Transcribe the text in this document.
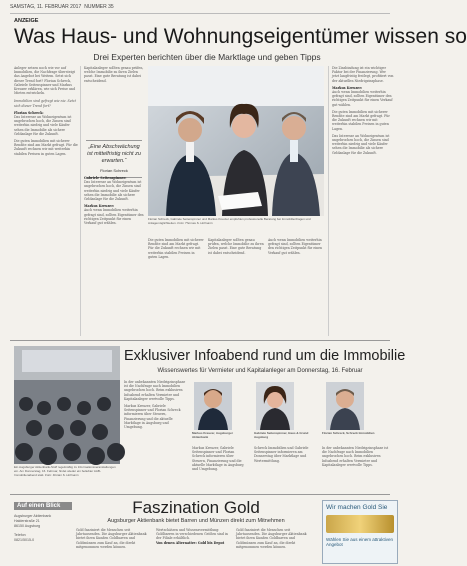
SAMSTAG, 11. FEBRUAR 2017 NUMMER 35
ANZEIGE
Was Haus- und Wohnungseigentümer wissen so
Drei Experten berichten über die Marktlage und geben Tipps
Anleger setzen noch wie vor auf Immobilien, die Nachfrage übersteigt das Angebot bei Weitem. Setzt sich dieser Trend fort? Florian Schreck, Gabriele Seitenspinner und Markus Kreuzer erklären, wie sich Preise und Mieten entwickeln.
Immobilien sind gefragt wie nie. Setzt sich dieser Trend fort?
Florian Schreck:
Das Interesse an Wohneigentum ist ungebrochen hoch, die Zinsen sind weiterhin niedrig und viele Käufer sehen die Immobilie als sichere Geldanlage für die Zukunft.
Die guten Immobilien mit sicherer Rendite sind am Markt gefragt. Für die Zukunft rechnen wir mit weiterhin stabilen Preisen in guten Lagen.
Kapitalanleger sollten genau prüfen, welche Immobilie zu ihren Zielen passt. Eine gute Beratung ist dabei entscheidend.
„Eine Abschwächung ist mittelfristig nicht zu erwarten.“
Florian Schreck
Gabriele Seitenspinner:
Das Interesse an Wohneigentum ist ungebrochen hoch, die Zinsen sind weiterhin niedrig und viele Käufer sehen die Immobilie als sichere Geldanlage für die Zukunft.
Markus Kreuzer:
Auch wenn Immobilien weiterhin gefragt sind, sollten Eigentümer den richtigen Zeitpunkt für einen Verkauf gut wählen.
Florian Schreck, Gabriele Seitenspinner und Markus Kreuzer empfehlen professionelle Beratung bei Immobilienfragen und Anlagemöglichkeiten. Foto: Thomas S. Hofmann
Die guten Immobilien mit sicherer Rendite sind am Markt gefragt. Für die Zukunft rechnen wir mit weiterhin stabilen Preisen in guten Lagen.
Kapitalanleger sollten genau prüfen, welche Immobilie zu ihren Zielen passt. Eine gute Beratung ist dabei entscheidend.
Auch wenn Immobilien weiterhin gefragt sind, sollten Eigentümer den richtigen Zeitpunkt für einen Verkauf gut wählen.
Die Zinsbindung ist ein wichtiger Faktor bei der Finanzierung. Wer jetzt langfristig festlegt, profitiert von der aktuellen Niedrigzinsphase.
Markus Kreuzer:
Auch wenn Immobilien weiterhin gefragt sind, sollten Eigentümer den richtigen Zeitpunkt für einen Verkauf gut wählen.
Die guten Immobilien mit sicherer Rendite sind am Markt gefragt. Für die Zukunft rechnen wir mit weiterhin stabilen Preisen in guten Lagen.
Das Interesse an Wohneigentum ist ungebrochen hoch, die Zinsen sind weiterhin niedrig und viele Käufer sehen die Immobilie als sichere Geldanlage für die Zukunft.
Ein Augsburger Aktienbank-Stoff regelmäßig zu Informationsveranstaltungen ein. Am Donnerstag, 16. Februar, findet wieder ein beliebter AAB-Immobilienabend statt. Foto: Florian S. Hofmann
Exklusiver Infoabend rund um die Immobilie
Wissenswertes für Vermieter und Kapitalanleger am Donnerstag, 16. Februar
In der unbekannten Niedrigzinsphase ist die Nachfrage nach Immobilien ungebrochen hoch. Beim exklusiven Infoabend erhalten Vermieter und Kapitalanleger wertvolle Tipps.
Markus Kreuzer, Gabriele Seitenspinner und Florian Schreck informieren über Steuern, Finanzierung und die aktuelle Marktlage in Augsburg und Umgebung.
Markus Kreuzer, Augsburger Aktienbank
Gabriele Seitenspinner, Haus & Grund Augsburg
Florian Schreck, Schreck Immobilien
Markus Kreuzer, Gabriele Seitenspinner und Florian Schreck informieren über Steuern, Finanzierung und die aktuelle Marktlage in Augsburg und Umgebung.
Schreck Immobilien und Gabriele Seitenspinner informieren am Donnerstag über Marktlage und Wertermittlung.
In der unbekannten Niedrigzinsphase ist die Nachfrage nach Immobilien ungebrochen hoch. Beim exklusiven Infoabend erhalten Vermieter und Kapitalanleger wertvolle Tipps.
Auf einen Blick
Augsburger Aktienbank
Halderstraße 21
86150 Augsburg
Telefon
0821/5015-0
Faszination Gold
Augsburger Aktienbank bietet Barren und Münzen direkt zum Mitnehmen
Gold fasziniert die Menschen seit Jahrtausenden. Die Augsburger Aktienbank bietet ihren Kunden Goldbarren und Goldmünzen zum Kauf an, die direkt mitgenommen werden können.
Wertschätzen und Wissensvermittlung: Goldbarren in verschiedenen Größen sind in der Filiale erhältlich.
Von denen Alternative: Gold bis Depot
Gold fasziniert die Menschen seit Jahrtausenden. Die Augsburger Aktienbank bietet ihren Kunden Goldbarren und Goldmünzen zum Kauf an, die direkt mitgenommen werden können.
Wir machen Gold Sie
Wählen Sie aus einem attraktiven Angebot
